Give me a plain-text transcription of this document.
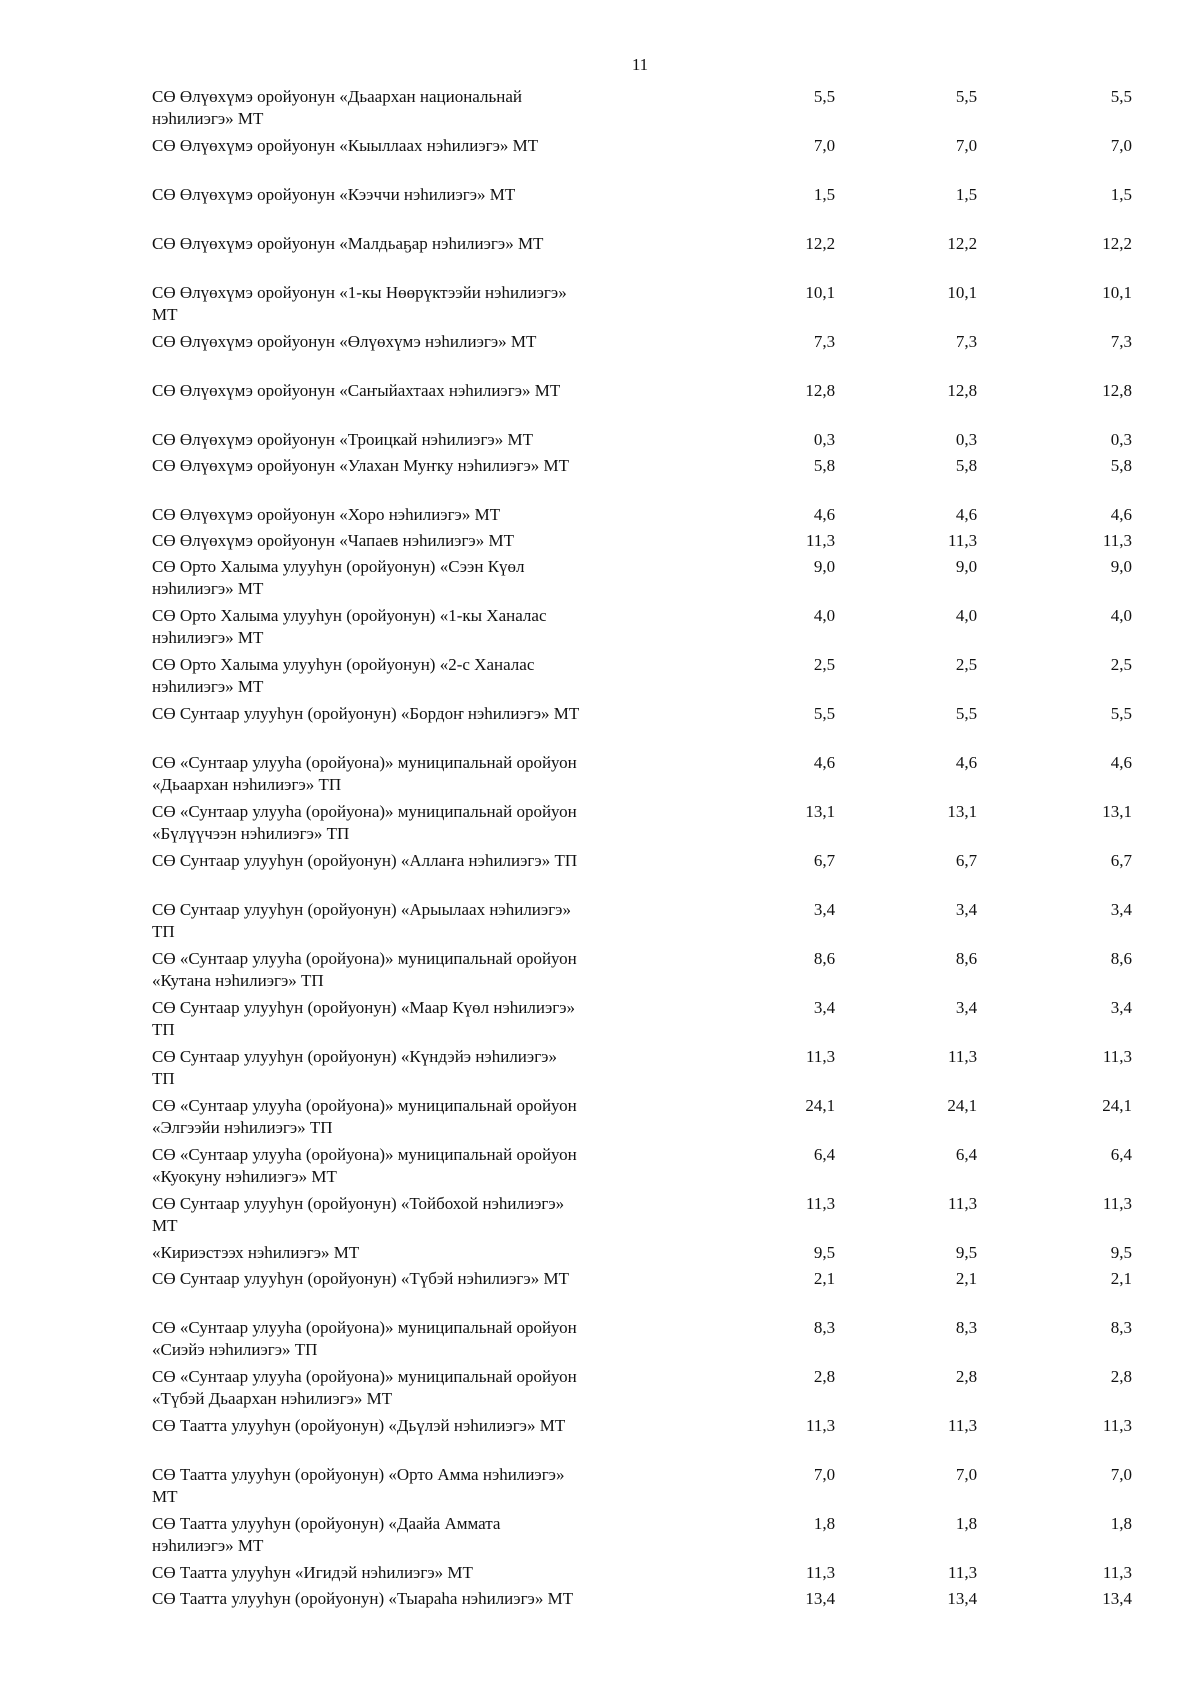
11
СӨ Өлүөхүмэ оройуонун «Дьаархан национальнай нэһилиэгэ» МТ
5,5	5,5	5,5
СӨ Өлүөхүмэ оройуонун «Кыыллаах нэһилиэгэ» МТ	7,0	7,0	7,0
СӨ Өлүөхүмэ оройуонун «Кээччи нэһилиэгэ» МТ	1,5	1,5	1,5
СӨ Өлүөхүмэ оройуонун «Малдьаҕар нэһилиэгэ» МТ	12,2	12,2	12,2
СӨ Өлүөхүмэ оройуонун «1-кы Нөөрүктээйи нэһилиэгэ» МТ
10,1	10,1	10,1
СӨ Өлүөхүмэ оройуонун «Өлүөхүмэ нэһилиэгэ» МТ	7,3	7,3	7,3
СӨ Өлүөхүмэ оройуонун «Саҥыйахтаах нэһилиэгэ» МТ	12,8	12,8	12,8
СӨ Өлүөхүмэ оройуонун «Троицкай нэһилиэгэ» МТ	0,3	0,3	0,3
СӨ Өлүөхүмэ оройуонун «Улахан Муҥку нэһилиэгэ» МТ	5,8	5,8	5,8
СӨ Өлүөхүмэ оройуонун «Хоро нэһилиэгэ» МТ	4,6	4,6	4,6
СӨ Өлүөхүмэ оройуонун «Чапаев нэһилиэгэ» МТ	11,3	11,3	11,3
СӨ Орто Халыма улууһун (оройуонун) «Сээн Күөл нэһилиэгэ» МТ
9,0	9,0	9,0
СӨ Орто Халыма улууһун (оройуонун) «1-кы Ханалас нэһилиэгэ» МТ
4,0	4,0	4,0
СӨ Орто Халыма улууһун (оройуонун) «2-с Ханалас нэһилиэгэ» МТ
2,5	2,5	2,5
СӨ Сунтаар улууһун (оройуонун) «Бордоҥ нэһилиэгэ» МТ	5,5	5,5	5,5
СӨ «Сунтаар улууһа (оройуона)» муниципальнай оройуон «Дьаархан нэһилиэгэ» ТП
4,6	4,6	4,6
СӨ «Сунтаар улууһа (оройуона)» муниципальнай оройуон «Бүлүүчээн нэһилиэгэ» ТП
13,1	13,1	13,1
СӨ Сунтаар улууһун (оройуонун) «Аллаҥа нэһилиэгэ» ТП	6,7	6,7	6,7
СӨ Сунтаар улууһун (оройуонун) «Арыылаах нэһилиэгэ» ТП
3,4	3,4	3,4
СӨ «Сунтаар улууһа (оройуона)» муниципальнай оройуон «Кутана нэһилиэгэ» ТП
8,6	8,6	8,6
СӨ Сунтаар улууһун (оройуонун) «Маар Күөл нэһилиэгэ» ТП
3,4	3,4	3,4
СӨ Сунтаар улууһун (оройуонун) «Күндэйэ нэһилиэгэ» ТП
11,3	11,3	11,3
СӨ «Сунтаар улууһа (оройуона)» муниципальнай оройуон «Элгээйи нэһилиэгэ» ТП
24,1	24,1	24,1
СӨ «Сунтаар улууһа (оройуона)» муниципальнай оройуон «Куокуну нэһилиэгэ» МТ
6,4	6,4	6,4
СӨ Сунтаар улууһун (оройуонун) «Тойбохой нэһилиэгэ» МТ
11,3	11,3	11,3
«Кириэстээх нэһилиэгэ» МТ	9,5	9,5	9,5
СӨ Сунтаар улууһун (оройуонун) «Түбэй нэһилиэгэ» МТ	2,1	2,1	2,1
СӨ «Сунтаар улууһа (оройуона)» муниципальнай оройуон «Сиэйэ нэһилиэгэ» ТП
8,3	8,3	8,3
СӨ «Сунтаар улууһа (оройуона)» муниципальнай оройуон «Түбэй Дьаархан нэһилиэгэ» МТ
2,8	2,8	2,8
СӨ Таатта улууһун (оройуонун) «Дьүлэй нэһилиэгэ» МТ	11,3	11,3	11,3
СӨ Таатта улууһун (оройуонун) «Орто Амма нэһилиэгэ» МТ
7,0	7,0	7,0
СӨ Таатта улууһун (оройуонун) «Даайа Аммата нэһилиэгэ» МТ
1,8	1,8	1,8
СӨ Таатта улууһун «Игидэй нэһилиэгэ» МТ	11,3	11,3	11,3
СӨ Таатта улууһун (оройуонун) «Тыараһа нэһилиэгэ» МТ	13,4	13,4	13,4
